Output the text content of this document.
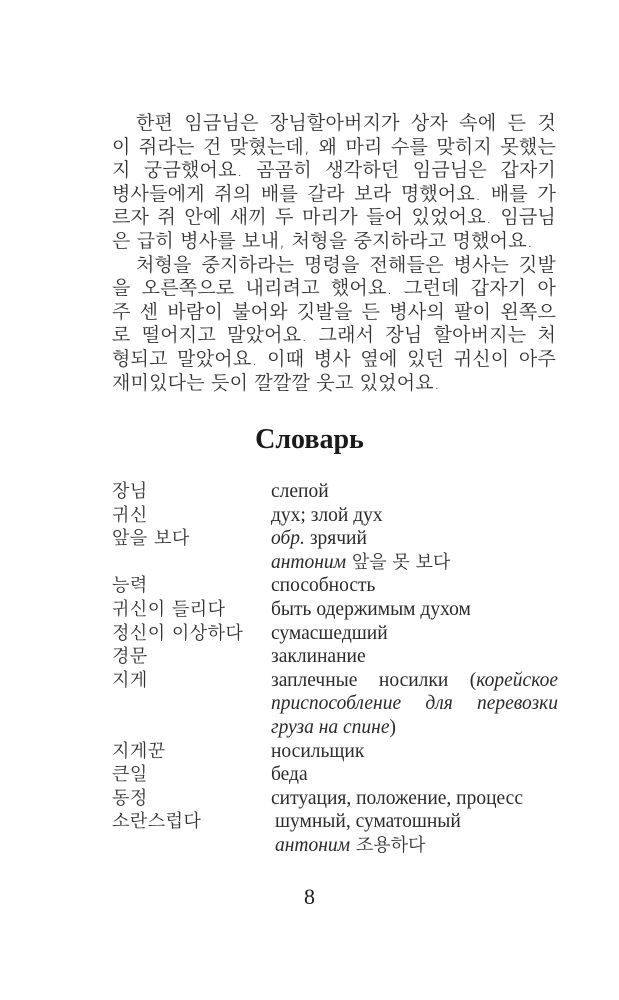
한편 임금님은 장님할아버지가 상자 속에 든 것
이 쥐라는 건 맞혔는데, 왜 마리 수를 맞히지 못했는
지 궁금했어요. 곰곰히 생각하던 임금님은 갑자기
병사들에게 쥐의 배를 갈라 보라 명했어요. 배를 가
르자 쥐 안에 새끼 두 마리가 들어 있었어요. 임금님
은 급히 병사를 보내, 처형을 중지하라고 명했어요.
처형을 중지하라는 명령을 전해들은 병사는 깃발
을 오른쪽으로 내리려고 했어요. 그런데 갑자기 아
주 센 바람이 불어와 깃발을 든 병사의 팔이 왼쪽으
로 떨어지고 말았어요. 그래서 장님 할아버지는 처
형되고 말았어요. 이때 병사 옆에 있던 귀신이 아주
재미있다는 듯이 깔깔깔 웃고 있었어요.
Словарь
장님	слепой
귀신	дух; злой дух
앞을 보다	обр. зрячий
антоним 앞을 못 보다
능력	способность
귀신이 들리다	быть одержимым духом
정신이 이상하다	сумасшедший
경문	заклинание
지게	заплечные носилки (корейское
приспособление для перевозки
груза на спине)
지게꾼	носильщик
큰일	беда
동정	ситуация, положение, процесс
소란스럽다	шумный, суматошный
антоним 조용하다
8
